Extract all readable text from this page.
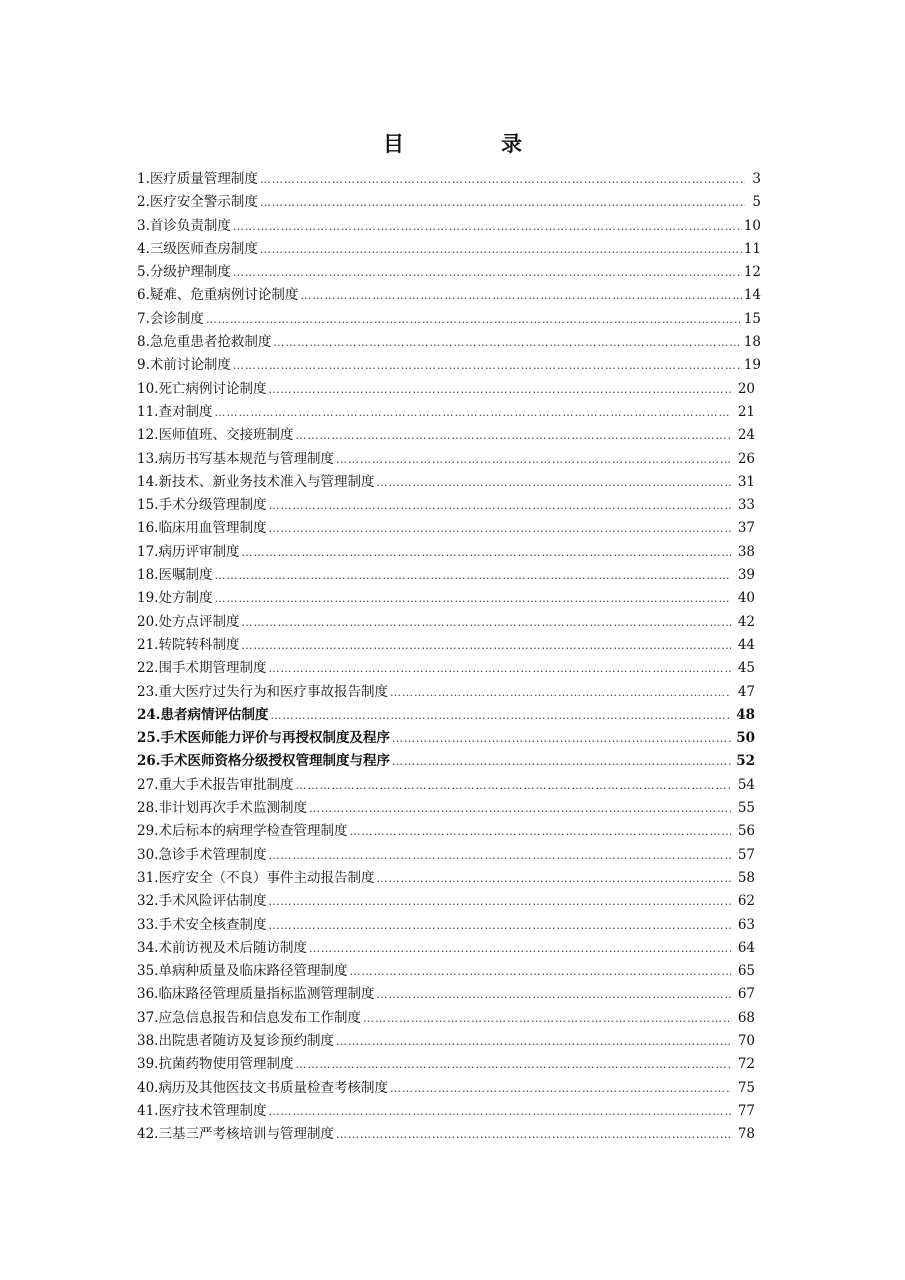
目　录
1.医疗质量管理制度 …………………………………………………………………………………………………………………………	3
2.医疗安全警示制度 …………………………………………………………………………………………………………………………	5
3.首诊负责制度 …………………………………………………………………………………………………………………………	10
4.三级医师查房制度 …………………………………………………………………………………………………………………………	11
5.分级护理制度 …………………………………………………………………………………………………………………………	12
6.疑难、危重病例讨论制度 …………………………………………………………………………………………………………………………	14
7.会诊制度 …………………………………………………………………………………………………………………………	15
8.急危重患者抢救制度 …………………………………………………………………………………………………………………………	18
9.术前讨论制度 …………………………………………………………………………………………………………………………	19
10.死亡病例讨论制度 …………………………………………………………………………………………………………………………	20
11.查对制度 …………………………………………………………………………………………………………………………	21
12.医师值班、交接班制度 …………………………………………………………………………………………………………………………	24
13.病历书写基本规范与管理制度 …………………………………………………………………………………………………………………………	26
14.新技术、新业务技术准入与管理制度 …………………………………………………………………………………………………………………………	31
15.手术分级管理制度 …………………………………………………………………………………………………………………………	33
16.临床用血管理制度 …………………………………………………………………………………………………………………………	37
17.病历评审制度 …………………………………………………………………………………………………………………………	38
18.医嘱制度 …………………………………………………………………………………………………………………………	39
19.处方制度 …………………………………………………………………………………………………………………………	40
20.处方点评制度 …………………………………………………………………………………………………………………………	42
21.转院转科制度 …………………………………………………………………………………………………………………………	44
22.围手术期管理制度 …………………………………………………………………………………………………………………………	45
23.重大医疗过失行为和医疗事故报告制度 …………………………………………………………………………………………………………………………	47
24.患者病情评估制度 …………………………………………………………………………………………………………………………	48
25.手术医师能力评价与再授权制度及程序 …………………………………………………………………………………………………………………………	50
26.手术医师资格分级授权管理制度与程序 …………………………………………………………………………………………………………………………	52
27.重大手术报告审批制度 …………………………………………………………………………………………………………………………	54
28.非计划再次手术监测制度 …………………………………………………………………………………………………………………………	55
29.术后标本的病理学检查管理制度 …………………………………………………………………………………………………………………………	56
30.急诊手术管理制度 …………………………………………………………………………………………………………………………	57
31.医疗安全（不良）事件主动报告制度 …………………………………………………………………………………………………………………………	58
32.手术风险评估制度 …………………………………………………………………………………………………………………………	62
33.手术安全核查制度 …………………………………………………………………………………………………………………………	63
34.术前访视及术后随访制度 …………………………………………………………………………………………………………………………	64
35.单病种质量及临床路径管理制度 …………………………………………………………………………………………………………………………	65
36.临床路径管理质量指标监测管理制度 …………………………………………………………………………………………………………………………	67
37.应急信息报告和信息发布工作制度 …………………………………………………………………………………………………………………………	68
38.出院患者随访及复诊预约制度 …………………………………………………………………………………………………………………………	70
39.抗菌药物使用管理制度 …………………………………………………………………………………………………………………………	72
40.病历及其他医技文书质量检查考核制度 …………………………………………………………………………………………………………………………	75
41.医疗技术管理制度 …………………………………………………………………………………………………………………………	77
42.三基三严考核培训与管理制度 …………………………………………………………………………………………………………………………	78
